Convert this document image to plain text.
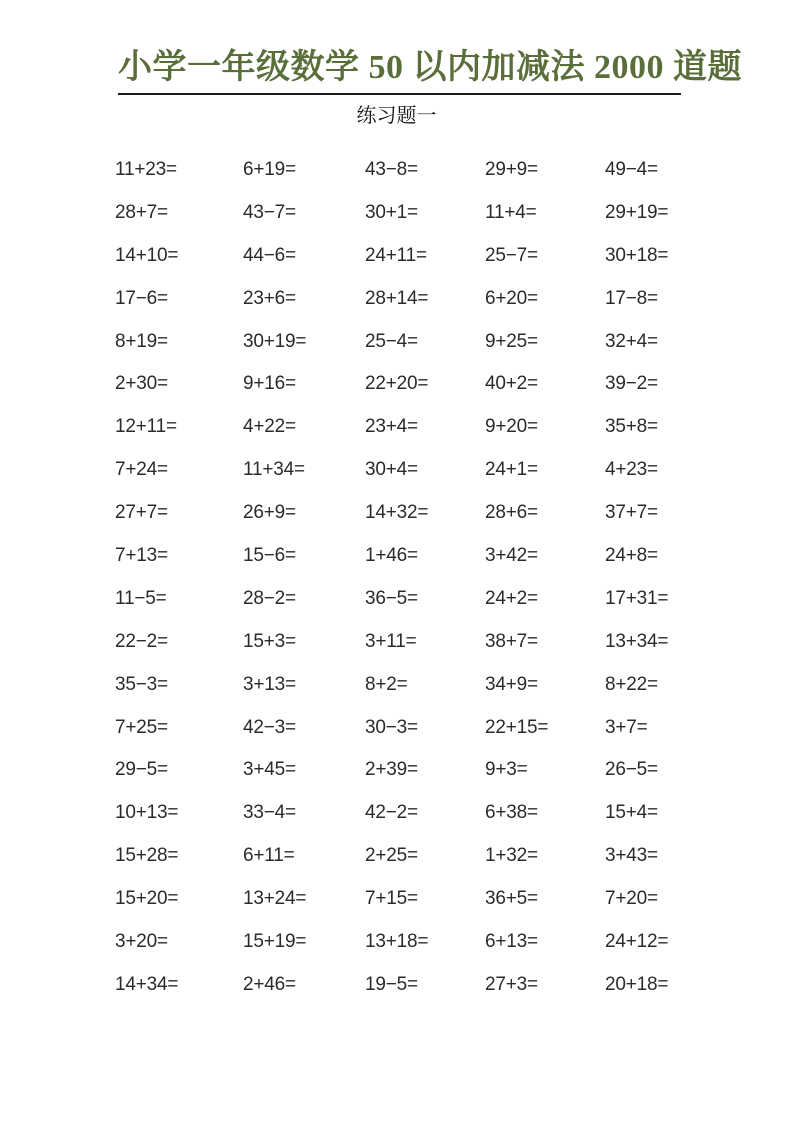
小学一年级数学 50 以内加减法 2000 道题
练习题一
11+23=	6+19=	43−8=	29+9=	49−4=
28+7=	43−7=	30+1=	11+4=	29+19=
14+10=	44−6=	24+11=	25−7=	30+18=
17−6=	23+6=	28+14=	6+20=	17−8=
8+19=	30+19=	25−4=	9+25=	32+4=
2+30=	9+16=	22+20=	40+2=	39−2=
12+11=	4+22=	23+4=	9+20=	35+8=
7+24=	11+34=	30+4=	24+1=	4+23=
27+7=	26+9=	14+32=	28+6=	37+7=
7+13=	15−6=	1+46=	3+42=	24+8=
11−5=	28−2=	36−5=	24+2=	17+31=
22−2=	15+3=	3+11=	38+7=	13+34=
35−3=	3+13=	8+2=	34+9=	8+22=
7+25=	42−3=	30−3=	22+15=	3+7=
29−5=	3+45=	2+39=	9+3=	26−5=
10+13=	33−4=	42−2=	6+38=	15+4=
15+28=	6+11=	2+25=	1+32=	3+43=
15+20=	13+24=	7+15=	36+5=	7+20=
3+20=	15+19=	13+18=	6+13=	24+12=
14+34=	2+46=	19−5=	27+3=	20+18=
